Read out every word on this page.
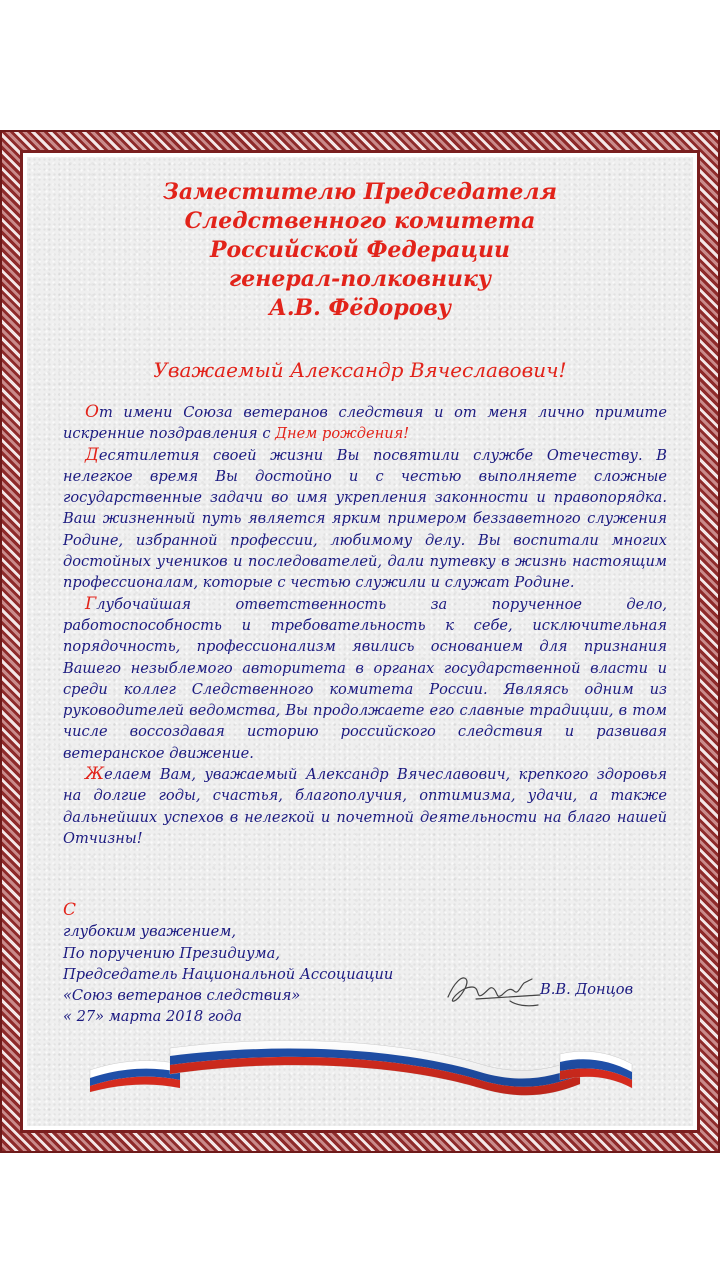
Заместителю Председателя
Следственного комитета
Российской Федерации
генерал-полковнику
А.В. Фёдорову

Уважаемый Александр Вячеславович!

От имени Союза ветеранов следствия и от меня лично примите искренние поздравления с Днем рождения!

Десятилетия своей жизни Вы посвятили службе Отечеству. В нелегкое время Вы достойно и с честью выполняете сложные государственные задачи во имя укрепления законности и правопорядка. Ваш жизненный путь является ярким примером беззаветного служения Родине, избранной профессии, любимому делу. Вы воспитали многих достойных учеников и последователей, дали путевку в жизнь настоящим профессионалам, которые с честью служили и служат Родине.

Глубочайшая ответственность за порученное дело, работоспособность и требовательность к себе, исключительная порядочность, профессионализм явились основанием для признания Вашего незыблемого авторитета в органах государственной власти и среди коллег Следственного комитета России. Являясь одним из руководителей ведомства, Вы продолжаете его славные традиции, в том числе воссоздавая историю российского следствия и развивая ветеранское движение.

Желаем Вам, уважаемый Александр Вячеславович, крепкого здоровья на долгие годы, счастья, благополучия, оптимизма, удачи, а также дальнейших успехов в нелегкой и почетной деятельности на благо нашей Отчизны!

С
глубоким уважением,
По поручению Президиума,
Председатель Национальной Ассоциации
«Союз ветеранов следствия»
« 27» марта 2018 года
В.В. Донцов
